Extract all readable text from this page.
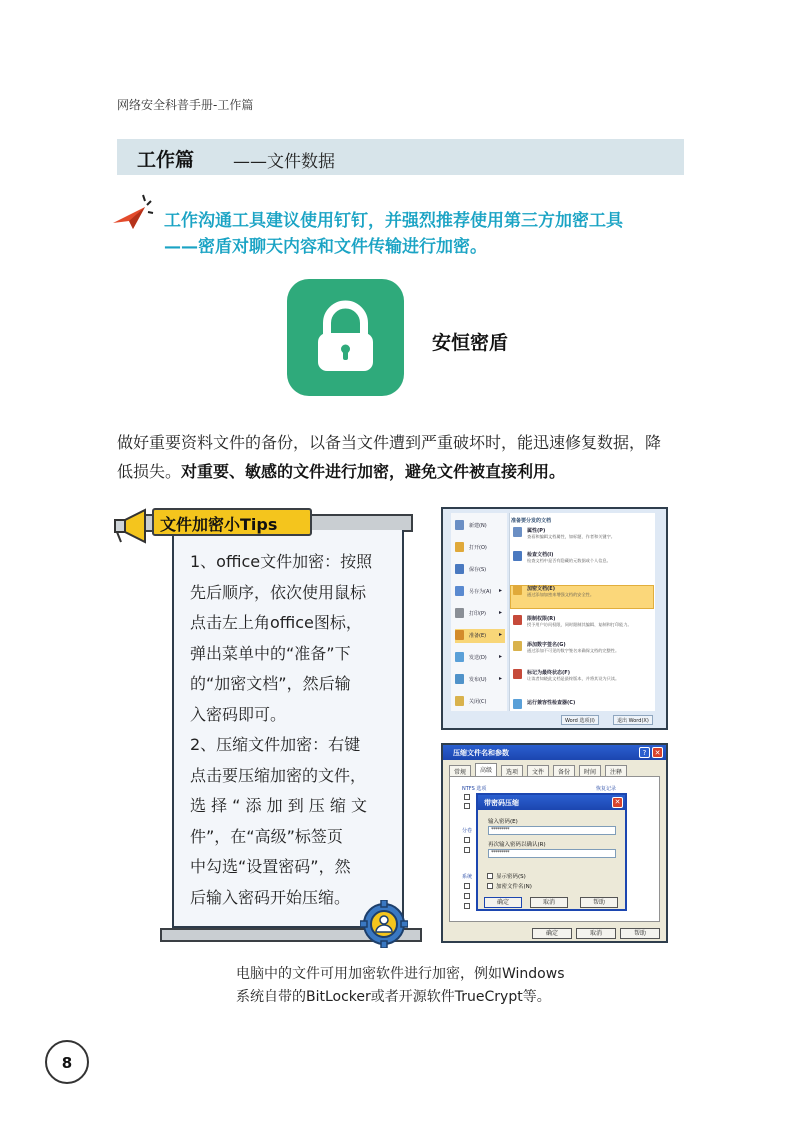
网络安全科普手册-工作篇
工作篇 ——文件数据
工作沟通工具建议使用钉钉，并强烈推荐使用第三方加密工具
——密盾对聊天内容和文件传输进行加密。
安恒密盾
做好重要资料文件的备份，以备当文件遭到严重破坏时，能迅速修复数据，降
低损失。对重要、敏感的文件进行加密，避免文件被直接利用。
文件加密小Tips
1、office文件加密：按照
先后顺序，依次使用鼠标
点击左上角office图标，
弹出菜单中的“准备”下
的“加密文档”，然后输
入密码即可。
2、压缩文件加密：右键
点击要压缩加密的文件，
选 择 “ 添 加 到 压 缩 文
件”，在“高级”标签页
中勾选“设置密码”，然
后输入密码开始压缩。
准备要分发的文档
新建(N)
打开(O)
保存(S)
另存为(A) ▸
打印(P) ▸
准备(E) ▸
发送(D) ▸
发布(U) ▸
关闭(C)
属性(P)
查看和编辑文档属性，如标题、作者和关键字。
检查文档(I)
检查文档中是否有隐藏的元数据或个人信息。
加密文档(E)
通过添加加密来增强文档的安全性。
限制权限(R)
授予用户访问权限，同时限制其编辑、复制和打印能力。
添加数字签名(G)
通过添加不可见的数字签名来确保文档的完整性。
标记为最终状态(F)
让读者知晓此文档是最终版本，并将其设为只读。
运行兼容性检查器(C)
Word 选项(I)	退出 Word(X)
压缩文件名和参数	?	✕
常规	高级	选项	文件	备份	时间	注释
NTFS 选项	恢复记录
分卷
系统
确定	取消	帮助
带密码压缩	✕
输入密码(E)
*********
再次输入密码以确认(R)
*********
显示密码(S)
加密文件名(N)
确定	取消	帮助
电脑中的文件可用加密软件进行加密，例如Windows
系统自带的BitLocker或者开源软件TrueCrypt等。
8
